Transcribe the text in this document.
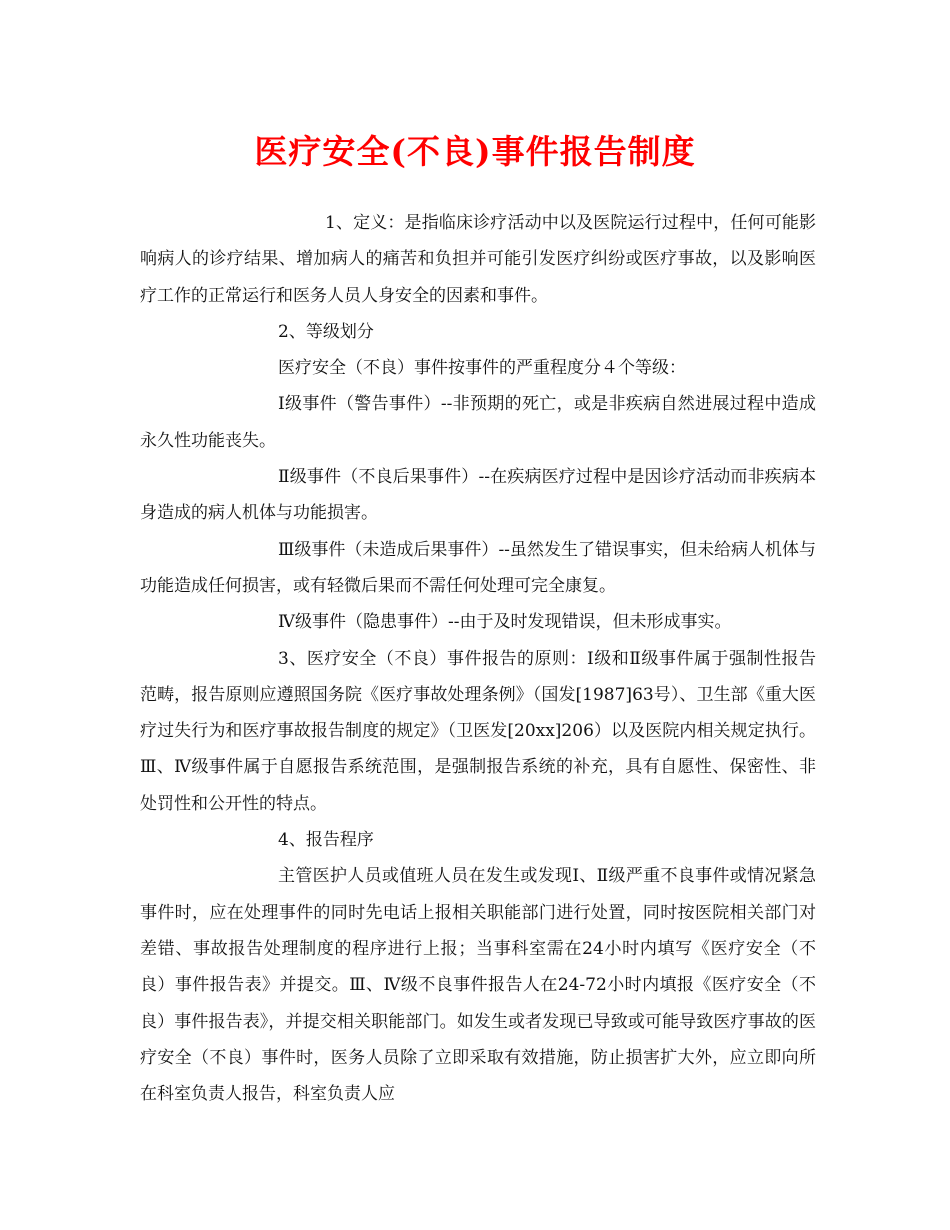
医疗安全(不良)事件报告制度

1、定义：是指临床诊疗活动中以及医院运行过程中，任何可能影响病人的诊疗结果、增加病人的痛苦和负担并可能引发医疗纠纷或医疗事故，以及影响医疗工作的正常运行和医务人员人身安全的因素和事件。

2、等级划分

医疗安全（不良）事件按事件的严重程度分４个等级：

Ⅰ级事件（警告事件）--非预期的死亡，或是非疾病自然进展过程中造成永久性功能丧失。

Ⅱ级事件（不良后果事件）--在疾病医疗过程中是因诊疗活动而非疾病本身造成的病人机体与功能损害。

Ⅲ级事件（未造成后果事件）--虽然发生了错误事实，但未给病人机体与功能造成任何损害，或有轻微后果而不需任何处理可完全康复。

Ⅳ级事件（隐患事件）--由于及时发现错误，但未形成事实。

3、医疗安全（不良）事件报告的原则：Ⅰ级和Ⅱ级事件属于强制性报告范畴，报告原则应遵照国务院《医疗事故处理条例》（国发[1987]63号）、卫生部《重大医疗过失行为和医疗事故报告制度的规定》（卫医发[20xx]206）以及医院内相关规定执行。Ⅲ、Ⅳ级事件属于自愿报告系统范围，是强制报告系统的补充，具有自愿性、保密性、非处罚性和公开性的特点。

4、报告程序

主管医护人员或值班人员在发生或发现Ⅰ、Ⅱ级严重不良事件或情况紧急事件时，应在处理事件的同时先电话上报相关职能部门进行处置，同时按医院相关部门对差错、事故报告处理制度的程序进行上报；当事科室需在24小时内填写《医疗安全（不良）事件报告表》并提交。Ⅲ、Ⅳ级不良事件报告人在24-72小时内填报《医疗安全（不良）事件报告表》，并提交相关职能部门。如发生或者发现已导致或可能导致医疗事故的医疗安全（不良）事件时，医务人员除了立即采取有效措施，防止损害扩大外，应立即向所在科室负责人报告，科室负责人应
